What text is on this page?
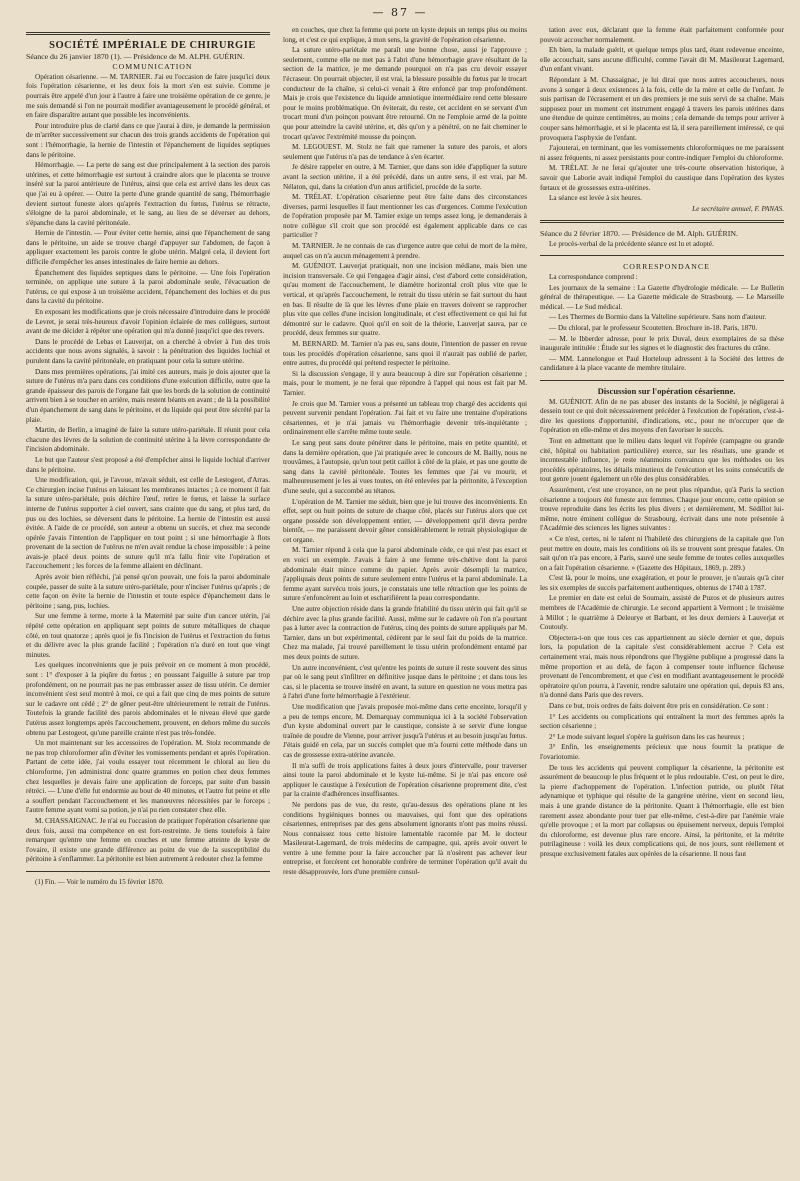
— 87 —

SOCIÉTÉ IMPÉRIALE DE CHIRURGIE

Séance du 26 janvier 1870 (1). — Présidence de M. ALPH. GUÉRIN.

COMMUNICATION

Opération césarienne. — M. TARNIER. J'ai eu l'occasion de faire jusqu'ici deux fois l'opération césarienne, et les deux fois la mort s'en est suivie. Comme je pourrais être appelé d'un jour à l'autre à faire une troisième opération de ce genre, je me suis demandé si l'on ne pourrait modifier avantageusement le procédé général, et en faire disparaître autant que possible les inconvénients.

Pour introduire plus de clarté dans ce que j'aurai à dire, je demande la permission de m'arrêter successivement sur chacun des trois grands accidents de l'opération qui sont : l'hémorrhagie, la hernie de l'intestin et l'épanchement de liquides septiques dans le péritoine.

Hémorrhagie. — La perte de sang est due principalement à la section des parois utérines, et cette hémorrhagie est surtout à craindre alors que le placenta se trouve inséré sur la paroi antérieure de l'utérus, ainsi que cela est arrivé dans les deux cas que j'ai eu à opérer. — Outre la perte d'une grande quantité de sang, l'hémorrhagie devient surtout funeste alors qu'après l'extraction du fœtus, l'utérus se rétracte, s'éloigne de la paroi abdominale, et le sang, au lieu de se déverser au dehors, s'épanche dans la cavité péritonéale.

Hernie de l'intestin. — Pour éviter cette hernie, ainsi que l'épanchement de sang dans le péritoine, un aide se trouve chargé d'appuyer sur l'abdomen, de façon à appliquer exactement les parois contre le globe utérin. Malgré cela, il devient fort difficile d'empêcher les anses intestinales de faire hernie au dehors.

Épanchement des liquides septiques dans le péritoine. — Une fois l'opération terminée, on applique une suture à la paroi abdominale seule, l'évacuation de l'utérus, ce qui expose à un troisième accident, l'épanchement des lochies et du pus dans la cavité du péritoine.

En exposant les modifications que je crois nécessaire d'introduire dans le procédé de Levret, je serai très-heureux d'avoir l'opinion éclairée de mes collègues, surtout avant de me décider à répéter une opération qui m'a donné jusqu'ici que des revers.

Dans le procédé de Lebas et Lauverjat, on a cherché à obvier à l'un des trois accidents que nous avons signalés, à savoir : la pénétration des liquides lochial et purulent dans la cavité péritonéale, en pratiquant pour cela la suture utérine.

Dans mes premières opérations, j'ai imité ces auteurs, mais je dois ajouter que la suture de l'utérus m'a paru dans ces conditions d'une exécution difficile, outre que la grande épaisseur des parois de l'organe fait que les bords de la solution de continuité arrivent bien à se toucher en arrière, mais restent béants en avant ; de là la possibilité d'un épanchement de sang dans le péritoine, et du liquide qui peut être sécrété par la plaie.

Martin, de Berlin, a imaginé de faire la suture utéro-pariétale. Il réunit pour cela chacune des lèvres de la solution de continuité utérine à la lèvre correspondante de l'incision abdominale.

Le but que l'auteur s'est proposé a été d'empêcher ainsi le liquide lochial d'arriver dans le péritoine.

Une modification, qui, je l'avoue, m'avait séduit, est celle de Lestogeot, d'Arras. Ce chirurgien incise l'utérus en laissant les membranes intactes ; à ce moment il fait la suture utéro-pariétale, puis déchire l'œuf, retire le fœtus, et laisse la surface interne de l'utérus supporter à ciel ouvert, sans crainte que du sang, et plus tard, du pus ou des lochies, se déversent dans le péritoine. La hernie de l'intestin est aussi évitée. A l'aide de ce procédé, son auteur a obtenu un succès, et chez ma seconde opérée j'avais l'intention de l'appliquer en tout point ; si une hémorrhagie à flots provenant de la section de l'utérus ne m'en avait rendue la chose impossible : à peine avais-je placé deux points de suture qu'il m'a fallu finir vite l'opération et l'accouchement ; les forces de la femme allaient en déclinant.

Après avoir bien réfléchi, j'ai pensé qu'on pouvait, une fois la paroi abdominale coupée, passer de suite à la suture utéro-pariétale, pour n'inciser l'utérus qu'après ; de cette façon on évite la hernie de l'intestin et toute espèce d'épanchement dans le péritoine ; sang, pus, lochies.

Sur une femme à terme, morte à la Maternité par suite d'un cancer utérin, j'ai répété cette opération en appliquant sept points de suture métalliques de chaque côté, en tout quatorze ; après quoi je fis l'incision de l'utérus et l'extraction du fœtus et du délivre avec la plus grande facilité ; l'opération n'a duré en tout que vingt minutes.

Les quelques inconvénients que je puis prévoir en ce moment à mon procédé, sont : 1° d'exposer à la piqûre du fœtus ; en poussant l'aiguille à suture par trop profondément, on ne pourrait pas ne pas embrasser assez de tissu utérin. Ce dernier inconvénient s'est seul montré à moi, ce qui a fait que cinq de mes points de suture sur le cadavre ont cédé ; 2° de gêner peut-être ultérieurement le retrait de l'utérus. Toutefois la grande facilité des parois abdominales et le niveau élevé que garde l'utérus assez longtemps après l'accouchement, prouvent, en dehors même du succès obtenu par Lestogeot, qu'une pareille crainte n'est pas très-fondée.

Un mot maintenant sur les accessoires de l'opération. M. Stolz recommande de ne pas trop chloroformer afin d'éviter les vomissements pendant et après l'opération. Partant de cette idée, j'ai voulu essayer tout récemment le chloral au lieu du chloroforme, j'en administrai donc quatre grammes en potion chez deux femmes chez lesquelles je devais faire une application de forceps, par suite d'un bassin rétréci. — L'une d'elle fut endormie au bout de 40 minutes, et l'autre fut peine et elle a souffert pendant l'accouchement et les manœuvres nécessitées par le forceps ; l'autre femme ayant vomi sa potion, je n'ai pu rien constater chez elle.

M. CHASSAIGNAC. Je n'ai eu l'occasion de pratiquer l'opération césarienne que deux fois, aussi ma compétence en est fort-restreinte. Je tiens toutefois à faire remarquer qu'entre une femme en couches et une femme atteinte de kyste de l'ovaire, il existe une grande différence au point de vue de la susceptibilité du péritoine à s'enflammer. La péritonite est bien autrement à redouter chez la femme

(1) Fin. — Voir le numéro du 15 février 1870.

en couches, que chez la femme qui porte un kyste depuis un temps plus ou moins long, et c'est ce qui explique, à mon sens, la gravité de l'opération césarienne.

La suture utéro-pariétale me paraît une bonne chose, aussi je l'approuve ; seulement, comme elle ne met pas à l'abri d'une hémorrhagie grave résultant de la section de la matrice, je me demande pourquoi on n'a pas cru devoir essayer l'écraseur. On pourrait objecter, il est vrai, la blessure possible du fœtus par le trocart conducteur de la chaîne, si celui-ci venait à être enfoncé par trop profondément. Mais je crois que l'existence du liquide amniotique intermédiaire rend cette blessure pour le moins problématique. On éviterait, du reste, cet accident en se servant d'un trocart muni d'un poinçon pouvant être retourné. On ne l'emploie armé de la pointe que pour atteindre la cavité utérine, et, dès qu'on y a pénétré, on ne fait cheminer le trocart qu'avec l'extrémité mousse du poinçon.

M. LEGOUEST. M. Stolz ne fait que ramener la suture des parois, et alors seulement que l'utérus n'a pas de tendance à s'en écarter.

Je désire rappeler en outre, à M. Tarnier, que dans son idée d'appliquer la suture avant la section utérine, il a été précédé, dans un autre sens, il est vrai, par M. Nélaton, qui, dans la création d'un anus artificiel, procède de la sorte.

M. TRÉLAT. L'opération césarienne peut être faite dans des circonstances diverses, parmi lesquelles il faut mentionner les cas d'urgences. Comme l'exécution de l'opération proposée par M. Tarnier exige un temps assez long, je demanderais à notre collègue s'il croit que son procédé est également applicable dans ce cas particulier ?

M. TARNIER. Je ne connais de cas d'urgence autre que celui de mort de la mère, auquel cas on n'a aucun ménagement à prendre.

M. GUÉNIOT. Lauverjat pratiquait, non une incision médiane, mais bien une incision transversale. Ce qui l'engagea d'agir ainsi, c'est d'abord cette considération, qu'au moment de l'accouchement, le diamètre horizontal croît plus vite que le vertical, et qu'après l'accouchement, le retrait du tissu utérin se fait surtout du haut en bas. Il résulte de là que les lèvres d'une plaie en travers doivent se rapprocher plus vite que celles d'une incision longitudinale, et c'est effectivement ce qui lui fut démontré sur le cadavre. Quoi qu'il en soit de la théorie, Lauverjat sauva, par ce procédé, deux femmes sur quatre.

M. BERNARD. M. Tarnier n'a pas eu, sans doute, l'intention de passer en revue tous les procédés d'opération césarienne, sans quoi il n'aurait pas oublié de parler, entre autres, du procédé qui prétend respecter le péritoine.

Si la discussion s'engage, il y aura beaucoup à dire sur l'opération césarienne ; mais, pour le moment, je ne ferai que répondre à l'appel qui nous est fait par M. Tarnier.

Je crois que M. Tarnier vous a présenté un tableau trop chargé des accidents qui peuvent survenir pendant l'opération. J'ai fait et vu faire une trentaine d'opérations césariennes, et je n'ai jamais vu l'hémorrhagie devenir très-inquiétante ; ordinairement elle s'arrête même toute seule.

Le sang peut sans doute pénétrer dans le péritoine, mais en petite quantité, et dans la dernière opération, que j'ai pratiquée avec le concours de M. Bailly, nous ne trouvâmes, à l'autopsie, qu'un tout petit caillot à côté de la plaie, et pas une goutte de sang dans la cavité péritonéale. Toutes les femmes que j'ai vu mourir, et malheureusement je les ai vues toutes, on été enlevées par la péritonite, à l'exception d'une seule, qui a succombé au tétanos.

L'opération de M. Tarnier me séduit, bien que je lui trouve des inconvénients. En effet, sept ou huit points de suture de chaque côté, placés sur l'utérus alors que cet organe possède son développement entier, — développement qu'il devra perdre bientôt, — me paraissent devoir gêner considérablement le retrait physiologique de cet organe.

M. Tarnier répond à cela que la paroi abdominale cède, ce qui n'est pas exact et en voici un exemple. J'avais à faire à une femme très-chétive dont la paroi abdominale était mince comme du papier. Après avoir désempli la matrice, j'appliquais deux points de suture seulement entre l'utérus et la paroi abdominale. La femme ayant survécu trois jours, je constatais une telle rétraction que les points de suture s'enfoncèrent au loin et escharifièrent la peau correspondante.

Une autre objection réside dans la grande friabilité du tissu utérin qui fait qu'il se déchire avec la plus grande facilité. Aussi, même sur le cadavre où l'on n'a pourtant pas à lutter avec la contraction de l'utérus, cinq des points de suture appliqués par M. Tarnier, dans un but expérimental, cédèrent par le seul fait du poids de la matrice. Chez ma malade, j'ai trouvé pareillement le tissu utérin profondément entamé par mes deux points de suture.

Un autre inconvénient, c'est qu'entre les points de suture il reste souvent des sinus par où le sang peut s'infiltrer en définitive jusque dans le péritoine ; et dans tous les cas, si le placenta se trouve inséré en avant, la suture en question ne vous mettra pas à l'abri d'une forte hémorrhagie à l'extérieur.

Une modification que j'avais proposée moi-même dans cette enceinte, lorsqu'il y a peu de temps encore, M. Demarquay communiqua ici à la société l'observation d'un kyste abdominal ouvert par le caustique, consiste à se servir d'une longue traînée de poudre de Vienne, pour arriver jusqu'à l'utérus et au besoin jusqu'au fœtus. J'étais guidé en cela, par un succès complet que m'a fourni cette méthode dans un cas de grossesse extra-utérine avancée.

Il m'a suffi de trois applications faites à deux jours d'intervalle, pour traverser ainsi toute la paroi abdominale et le kyste lui-même. Si je n'ai pas encore osé appliquer le caustique à l'exécution de l'opération césarienne proprement dite, c'est par la crainte d'adhérences insuffisantes.

Ne perdons pas de vue, du reste, qu'au-dessus des opérations plane nt les conditions hygiéniques bonnes ou mauvaises, qui font que des opérations césariennes, entreprises par des gens absolument ignorants n'ont pas moins réussi. Nous connaissez tous cette histoire lamentable racontée par M. le docteur Masileurat-Lagemard, de trois médecins de campagne, qui, après avoir ouvert le ventre à une femme pour la faire accoucher par là n'osèrent pas achever leur entreprise, et forcèrent cet honorable confrère de terminer l'opération qu'il avait du reste désapprouvée, lors d'une première consul-

tation avec eux, déclarant que la femme était parfaitement conformée pour pouvoir accoucher normalement.

Eh bien, la malade guérit, et quelque temps plus tard, étant redevenue enceinte, elle accouchait, sans aucune difficulté, comme l'avait dit M. Masileurat Lagemard, d'un enfant vivant.

Répondant à M. Chassaignac, je lui dirai que nous autres accoucheurs, nous avons à songer à deux existences à la fois, celle de la mère et celle de l'enfant. Je suis partisan de l'écrasement et un des premiers je me suis servi de sa chaîne. Mais supposez pour un moment cet instrument engagé à travers les parois utérines dans une étendue de quinze centimètres, au moins ; cela demande du temps pour arriver à couper sans hémorrhagie, et si le placenta est là, il sera pareillement intéressé, ce qui provoquera l'asphyxie de l'enfant.

J'ajouterai, en terminant, que les vomissements chloroformiques ne me paraissent ni assez fréquents, ni assez persistants pour contre-indiquer l'emploi du chloroforme.

M. TRÉLAT. Je ne ferai qu'ajouter une très-courte observation historique, à savoir que Laborie avait indiqué l'emploi du caustique dans l'opération des kystes fœtaux et de grossesses extra-utérines.

La séance est levée à six heures.

Le secrétaire annuel, F. PANAS.

Séance du 2 février 1870. — Présidence de M. Alph. GUÉRIN.

Le procès-verbal de la précédente séance est lu et adopté.

CORRESPONDANCE

La correspondance comprend :

Les journaux de la semaine : La Gazette d'hydrologie médicale. — Le Bulletin général de thérapeutique. — La Gazette médicale de Strasbourg. — Le Marseille médical. — Le Sud médical.

— Les Thermes de Bormio dans la Valteline supérieure. Sans nom d'auteur.

— Du chloral, par le professeur Scoutetten. Brochure in-18. Paris, 1870.

— M. le Ibberder adresse, pour le prix Duval, deux exemplaires de sa thèse inaugurale intitulée : Étude sur les signes et le diagnostic des fractures du crâne.

— MM. Lannelongue et Paul Horteloup adressent à la Société des lettres de candidature à la place vacante de membre titulaire.

Discussion sur l'opération césarienne.

M. GUÉNIOT. Afin de ne pas abuser des instants de la Société, je négligerai à dessein tout ce qui doit nécessairement précéder à l'exécution de l'opération, c'est-à-dire les questions d'opportunité, d'indications, etc., pour ne m'occuper que de l'opération en elle-même et des moyens d'en favoriser le succès.

Tout en admettant que le milieu dans lequel vit l'opérée (campagne ou grande cité, hôpital ou habitation particulière) exerce, sur les résultats, une grande et incontestable influence, je reste néanmoins convaincu que les méthodes ou les procédés opératoires, les détails minutieux de l'exécution et les soins consécutifs de tout genre jouent également un rôle des plus considérables.

Assurément, c'est une croyance, on ne peut plus répandue, qu'à Paris la section césarienne a toujours été funeste aux femmes. Chaque jour encore, cette opinion se trouve reproduite dans les écrits les plus divers ; et dernièrement, M. Sédillot lui-même, notre éminent collègue de Strasbourg, écrivait dans une note présentée à l'Académie des sciences les lignes suivantes :

« Ce n'est, certes, ni le talent ni l'habileté des chirurgiens de la capitale que l'on peut mettre en doute, mais les conditions où ils se trouvent sont presque fatales. On sait qu'on n'a pas encore, à Paris, sauvé une seule femme de toutes celles auxquelles on a fait l'opération césarienne. » (Gazette des Hôpitaux, 1869, p. 289.)

C'est là, pour le moins, une exagération, et pour le prouver, je n'aurais qu'à citer les six exemples de succès parfaitement authentiques, obtenus de 1740 à 1787.

Le premier en date est celui de Soumain, assisté de Puzos et de plusieurs autres membres de l'Académie de chirurgie. Le second appartient à Vermont ; le troisième à Millot ; le quatrième à Deleurye et Barbant, et les deux derniers à Lauverjat et Coutouly.

Objectera-t-on que tous ces cas appartiennent au siècle dernier et que, depuis lors, la population de la capitale s'est considérablement accrue ? Cela est certainement vrai, mais nous répondrons que l'hygiène publique a progressé dans la même proportion et au delà, de façon à compenser toute influence fâcheuse provenant de l'encombrement, et que c'est en modifiant avantageusement le procédé opératoire qu'on pourra, à l'avenir, rendre salutaire une opération qui, depuis 83 ans, n'a donné dans Paris que des revers.

Dans ce but, trois ordres de faits doivent être pris en considération. Ce sont :

1° Les accidents ou complications qui entraînent la mort des femmes après la section césarienne ;

2° Le mode suivant lequel s'opère la guérison dans les cas heureux ;

3° Enfin, les enseignements précieux que nous fournit la pratique de l'ovariotomie.

De tous les accidents qui peuvent compliquer la césarienne, la péritonite est assurément de beaucoup le plus fréquent et le plus redoutable. C'est, on peut le dire, la pierre d'achoppement de l'opération. L'infection putride, ou plutôt l'état adynamique et typhique qui résulte de la gangrène utérine, vient en second lieu, mais à une grande distance de la péritonite. Quant à l'hémorrhagie, elle est bien rarement assez abondante pour tuer par elle-même, c'est-à-dire par l'anémie vraie qu'elle provoque ; et la mort par collapsus ou épuisement nerveux, depuis l'emploi du chloroforme, est devenue plus rare encore. Ainsi, la péritonite, et la métrite putrilagineuse : voilà les deux complications qui, de nos jours, sont réellement et presque exclusivement fatales aux opérées de la césarienne. Il nous faut
